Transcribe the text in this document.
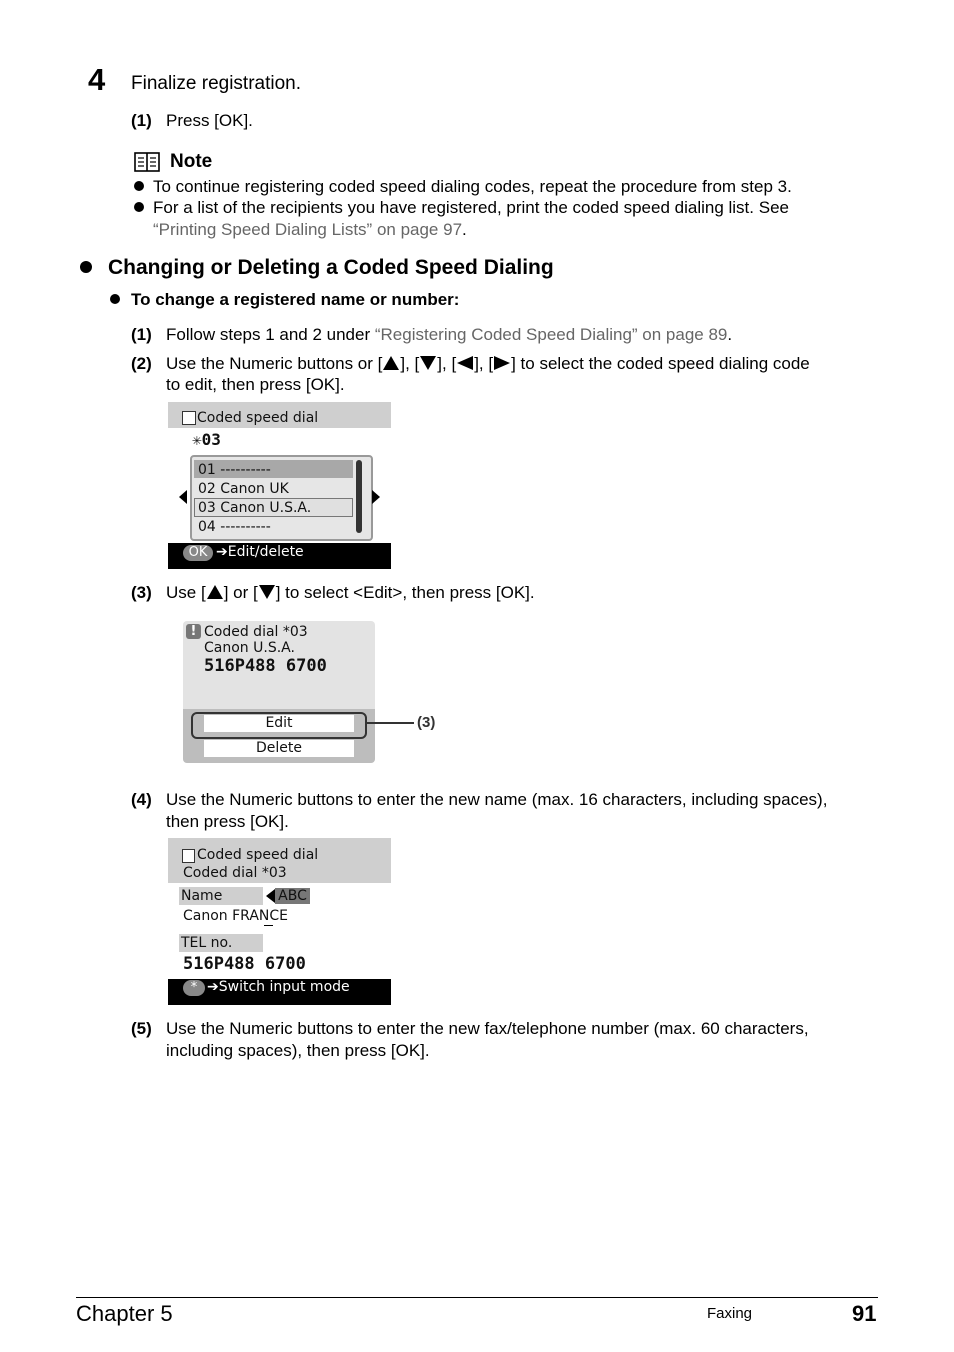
4 Finalize registration.
(1) Press [OK].
Note
To continue registering coded speed dialing codes, repeat the procedure from step 3.
For a list of the recipients you have registered, print the coded speed dialing list. See
“Printing Speed Dialing Lists” on page 97.
Changing or Deleting a Coded Speed Dialing
To change a registered name or number:
(1) Follow steps 1 and 2 under “Registering Coded Speed Dialing” on page 89.
(2) Use the Numeric buttons or [ ], [ ], [ ], [ ] to select the coded speed dialing code
to edit, then press [OK].
Coded speed dial
✳03
01 ----------
02 Canon UK
03 Canon U.S.A.
04 ----------
OK ➔Edit/delete
(3) Use [ ] or [ ] to select <Edit>, then press [OK].
! Coded dial *03
Canon U.S.A.
516P488 6700
Edit
Delete
(3)
(4) Use the Numeric buttons to enter the new name (max. 16 characters, including spaces),
then press [OK].
Coded speed dial
Coded dial *03
Name	ABC
Canon FRANCE
TEL no.
516P488 6700
* ➔Switch input mode
(5) Use the Numeric buttons to enter the new fax/telephone number (max. 60 characters,
including spaces), then press [OK].
Chapter 5	Faxing	91
